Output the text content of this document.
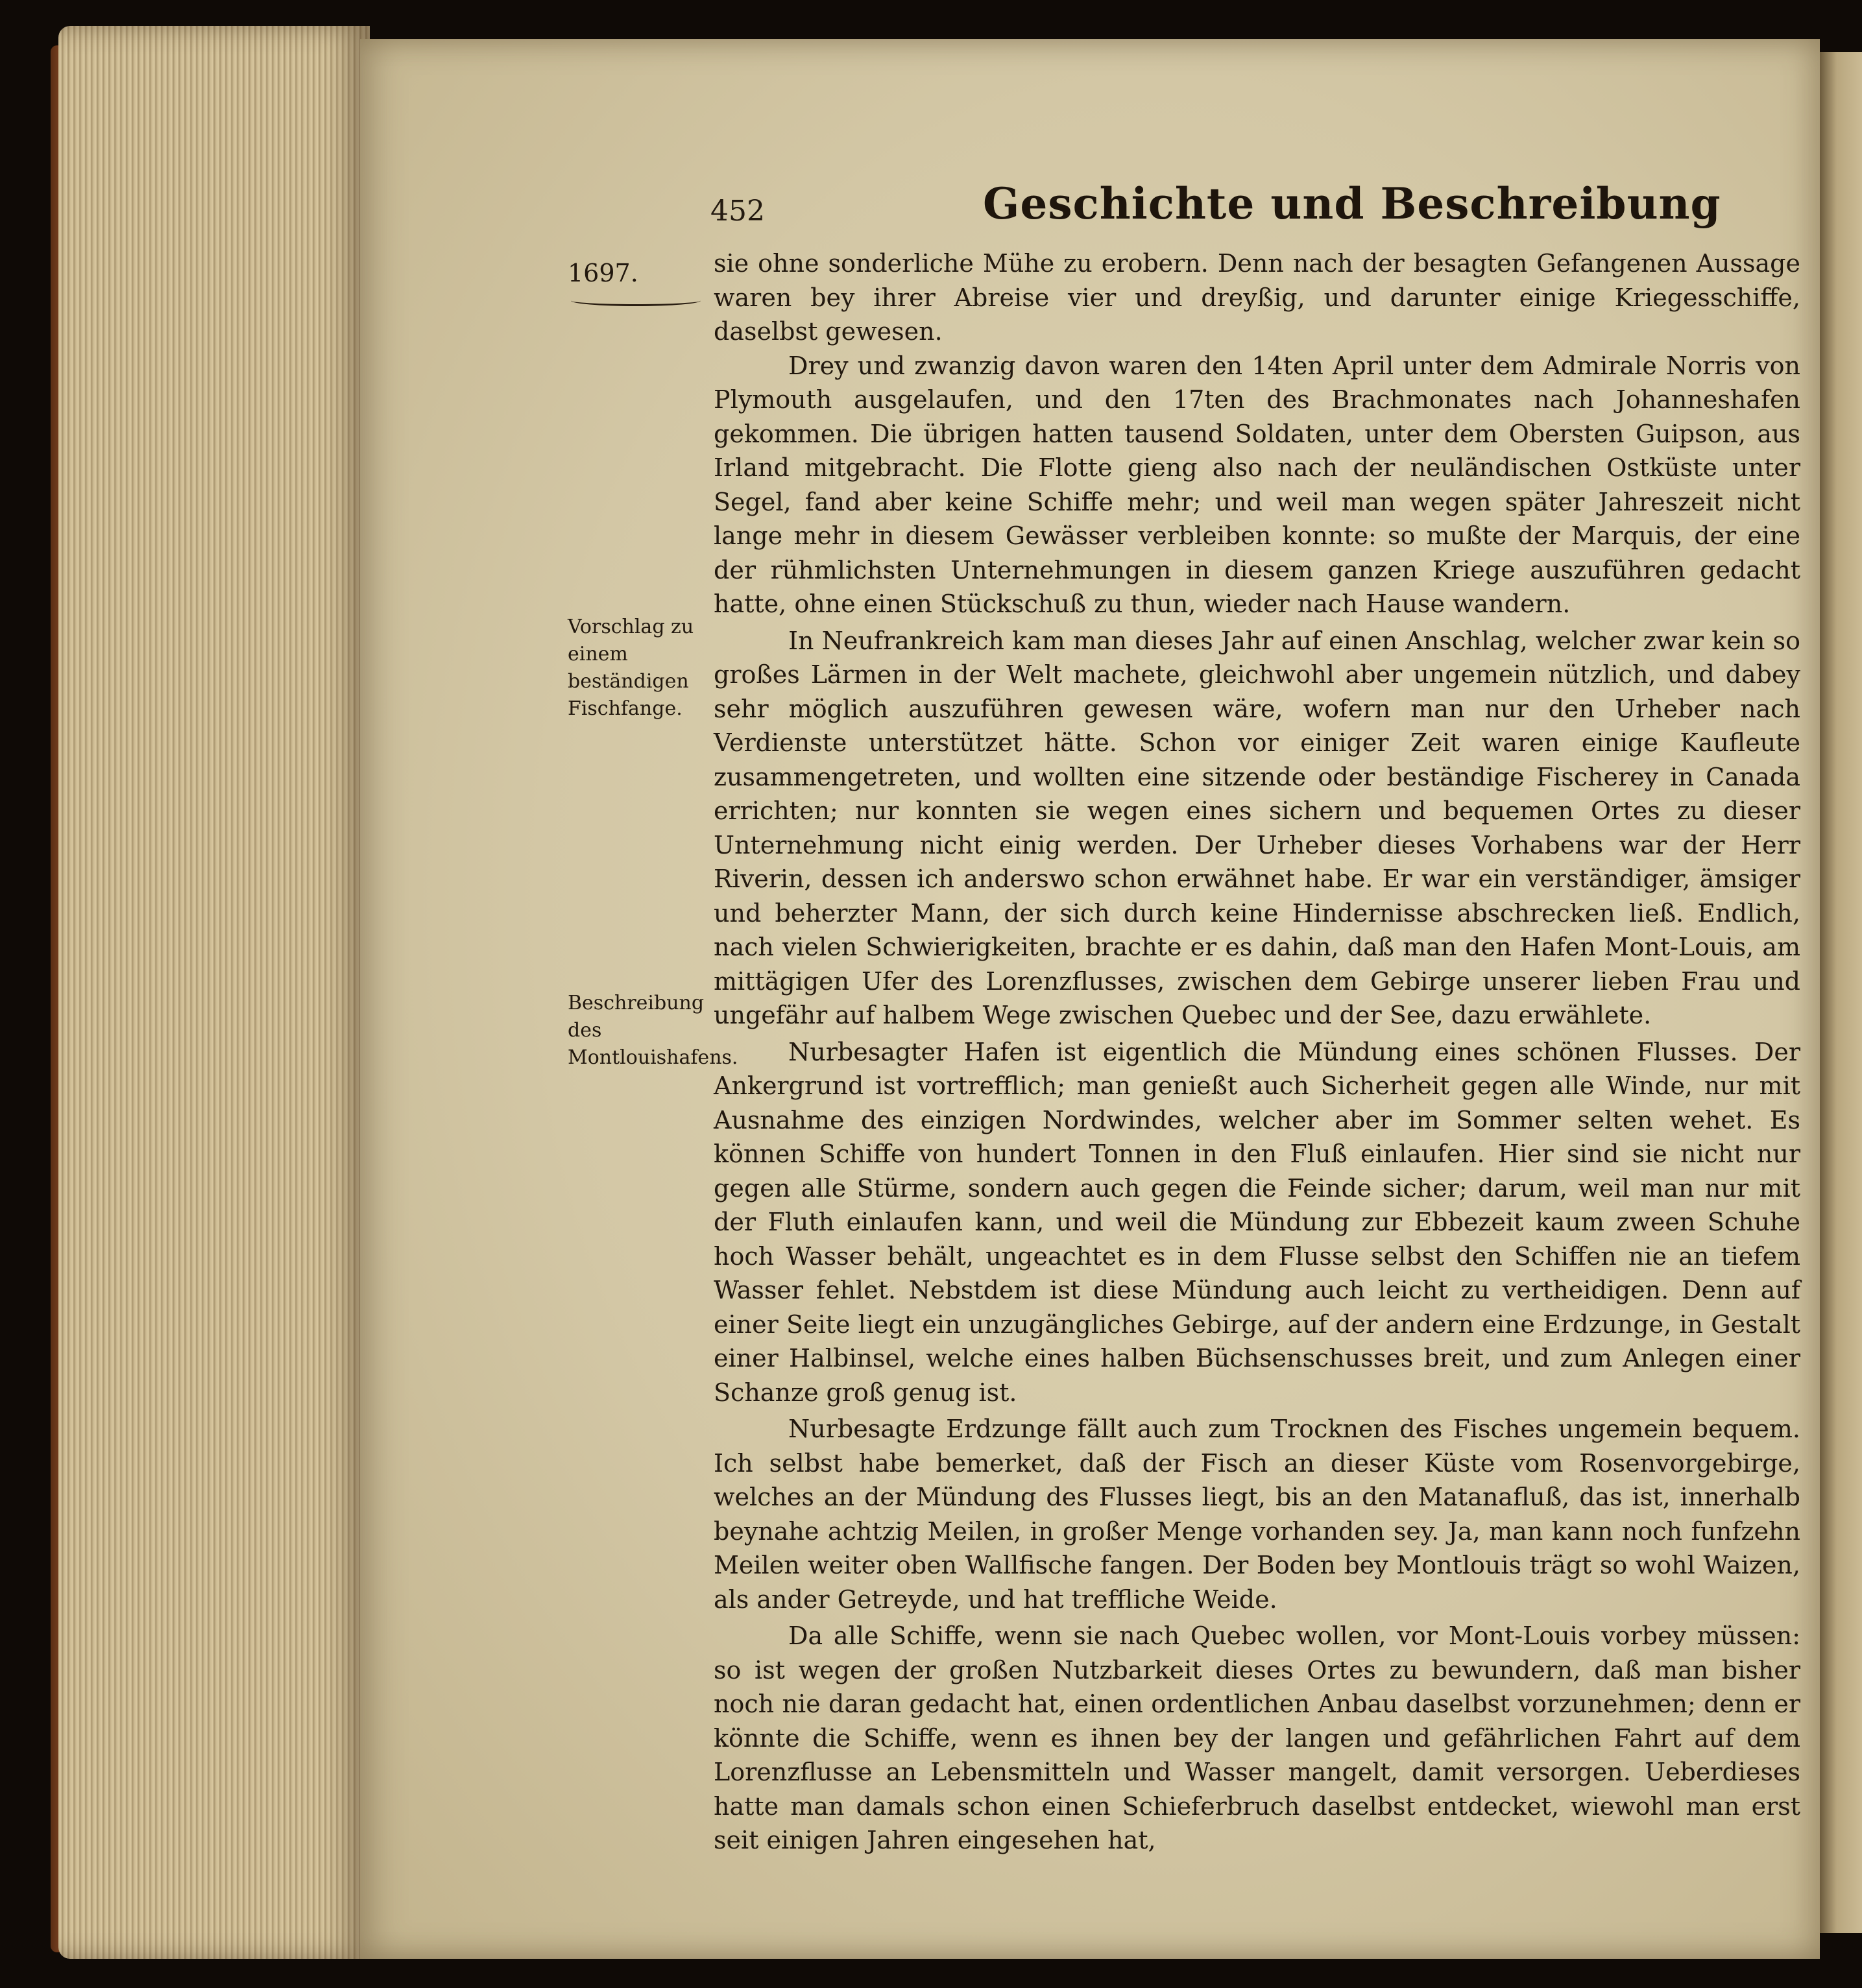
452	Geschichte und Beschreibung
1697.
Vorschlag zu einem beständigen Fischfange.
Beschreibung des Montlouishafens.

sie ohne sonderliche Mühe zu erobern. Denn nach der besagten Gefangenen Aussage waren bey ihrer Abreise vier und dreyßig, und darunter einige Kriegesschiffe, daselbst gewesen.

Drey und zwanzig davon waren den 14ten April unter dem Admirale Norris von Plymouth ausgelaufen, und den 17ten des Brachmonates nach Johanneshafen gekommen. Die übrigen hatten tausend Soldaten, unter dem Obersten Guipson, aus Irland mitgebracht. Die Flotte gieng also nach der neuländischen Ostküste unter Segel, fand aber keine Schiffe mehr; und weil man wegen später Jahreszeit nicht lange mehr in diesem Gewässer verbleiben konnte: so mußte der Marquis, der eine der rühmlichsten Unternehmungen in diesem ganzen Kriege auszuführen gedacht hatte, ohne einen Stückschuß zu thun, wieder nach Hause wandern.

In Neufrankreich kam man dieses Jahr auf einen Anschlag, welcher zwar kein so großes Lärmen in der Welt machete, gleichwohl aber ungemein nützlich, und dabey sehr möglich auszuführen gewesen wäre, wofern man nur den Urheber nach Verdienste unterstützet hätte. Schon vor einiger Zeit waren einige Kaufleute zusammengetreten, und wollten eine sitzende oder beständige Fischerey in Canada errichten; nur konnten sie wegen eines sichern und bequemen Ortes zu dieser Unternehmung nicht einig werden. Der Urheber dieses Vorhabens war der Herr Riverin, dessen ich anderswo schon erwähnet habe. Er war ein verständiger, ämsiger und beherzter Mann, der sich durch keine Hindernisse abschrecken ließ. Endlich, nach vielen Schwierigkeiten, brachte er es dahin, daß man den Hafen Mont-Louis, am mittägigen Ufer des Lorenzflusses, zwischen dem Gebirge unserer lieben Frau und ungefähr auf halbem Wege zwischen Quebec und der See, dazu erwählete.

Nurbesagter Hafen ist eigentlich die Mündung eines schönen Flusses. Der Ankergrund ist vortrefflich; man genießt auch Sicherheit gegen alle Winde, nur mit Ausnahme des einzigen Nordwindes, welcher aber im Sommer selten wehet. Es können Schiffe von hundert Tonnen in den Fluß einlaufen. Hier sind sie nicht nur gegen alle Stürme, sondern auch gegen die Feinde sicher; darum, weil man nur mit der Fluth einlaufen kann, und weil die Mündung zur Ebbezeit kaum zween Schuhe hoch Wasser behält, ungeachtet es in dem Flusse selbst den Schiffen nie an tiefem Wasser fehlet. Nebstdem ist diese Mündung auch leicht zu vertheidigen. Denn auf einer Seite liegt ein unzugängliches Gebirge, auf der andern eine Erdzunge, in Gestalt einer Halbinsel, welche eines halben Büchsenschusses breit, und zum Anlegen einer Schanze groß genug ist.

Nurbesagte Erdzunge fällt auch zum Trocknen des Fisches ungemein bequem. Ich selbst habe bemerket, daß der Fisch an dieser Küste vom Rosenvorgebirge, welches an der Mündung des Flusses liegt, bis an den Matanafluß, das ist, innerhalb beynahe achtzig Meilen, in großer Menge vorhanden sey. Ja, man kann noch funfzehn Meilen weiter oben Wallfische fangen. Der Boden bey Montlouis trägt so wohl Waizen, als ander Getreyde, und hat treffliche Weide.

Da alle Schiffe, wenn sie nach Quebec wollen, vor Mont-Louis vorbey müssen: so ist wegen der großen Nutzbarkeit dieses Ortes zu bewundern, daß man bisher noch nie daran gedacht hat, einen ordentlichen Anbau daselbst vorzunehmen; denn er könnte die Schiffe, wenn es ihnen bey der langen und gefährlichen Fahrt auf dem Lorenzflusse an Lebensmitteln und Wasser mangelt, damit versorgen. Ueberdieses hatte man damals schon einen Schieferbruch daselbst entdecket, wiewohl man erst seit einigen Jahren eingesehen hat,
